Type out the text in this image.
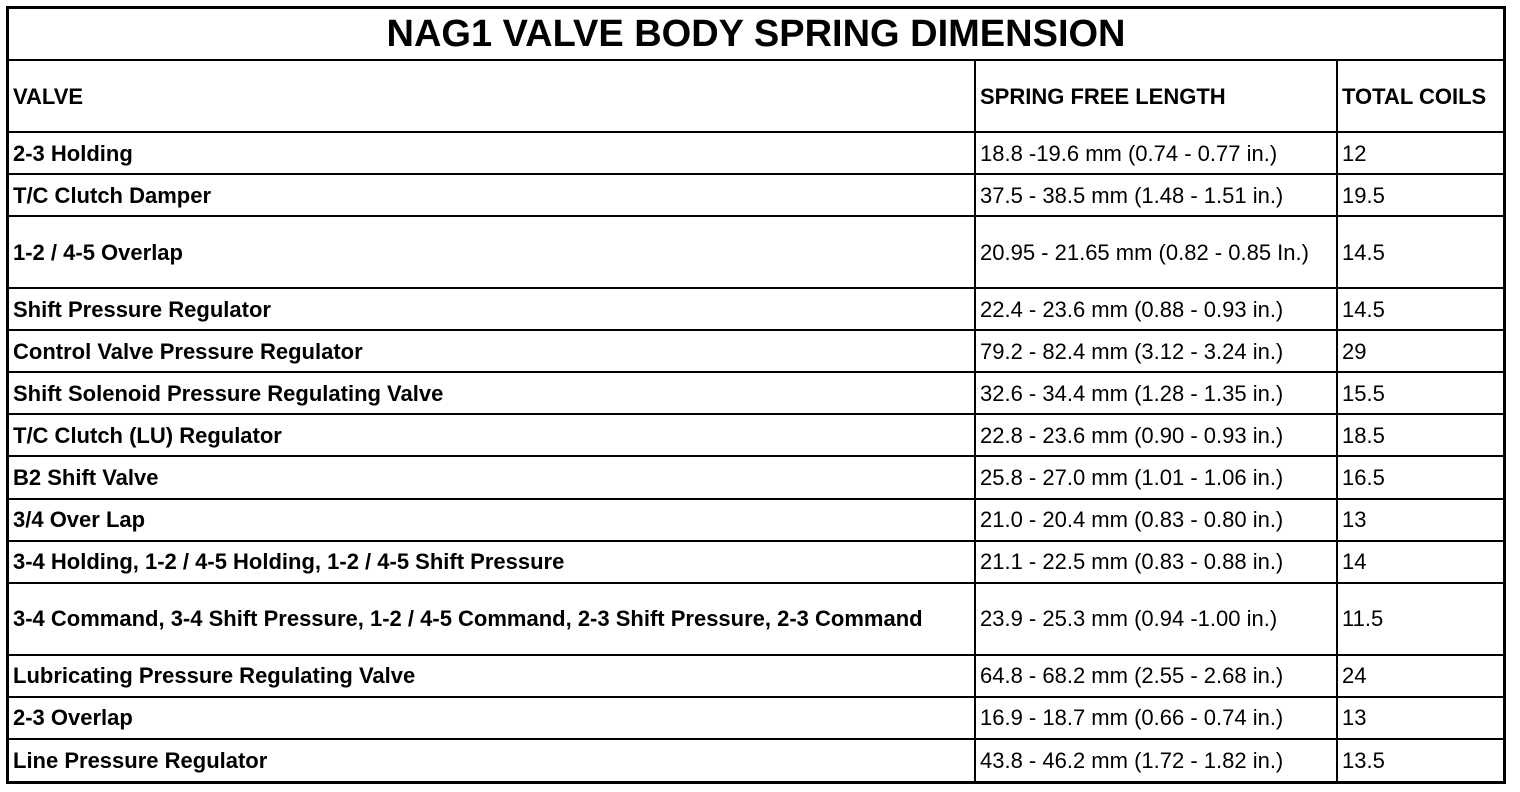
NAG1 VALVE BODY SPRING DIMENSION
VALVE	SPRING FREE LENGTH	TOTAL COILS
2-3 Holding	18.8 -19.6 mm (0.74 - 0.77 in.)	12
T/C Clutch Damper	37.5 - 38.5 mm (1.48 - 1.51 in.)	19.5
1-2 / 4-5 Overlap	20.95 - 21.65 mm (0.82 - 0.85 In.)	14.5
Shift Pressure Regulator	22.4 - 23.6 mm (0.88 - 0.93 in.)	14.5
Control Valve Pressure Regulator	79.2 - 82.4 mm (3.12 - 3.24 in.)	29
Shift Solenoid Pressure Regulating Valve	32.6 - 34.4 mm (1.28 - 1.35 in.)	15.5
T/C Clutch (LU) Regulator	22.8 - 23.6 mm (0.90 - 0.93 in.)	18.5
B2 Shift Valve	25.8 - 27.0 mm (1.01 - 1.06 in.)	16.5
3/4 Over Lap	21.0 - 20.4 mm (0.83 - 0.80 in.)	13
3-4 Holding, 1-2 / 4-5 Holding, 1-2 / 4-5 Shift Pressure	21.1 - 22.5 mm (0.83 - 0.88 in.)	14
3-4 Command, 3-4 Shift Pressure, 1-2 / 4-5 Command, 2-3 Shift Pressure, 2-3 Command	23.9 - 25.3 mm (0.94 -1.00 in.)	11.5
Lubricating Pressure Regulating Valve	64.8 - 68.2 mm (2.55 - 2.68 in.)	24
2-3 Overlap	16.9 - 18.7 mm (0.66 - 0.74 in.)	13
Line Pressure Regulator	43.8 - 46.2 mm (1.72 - 1.82 in.)	13.5
